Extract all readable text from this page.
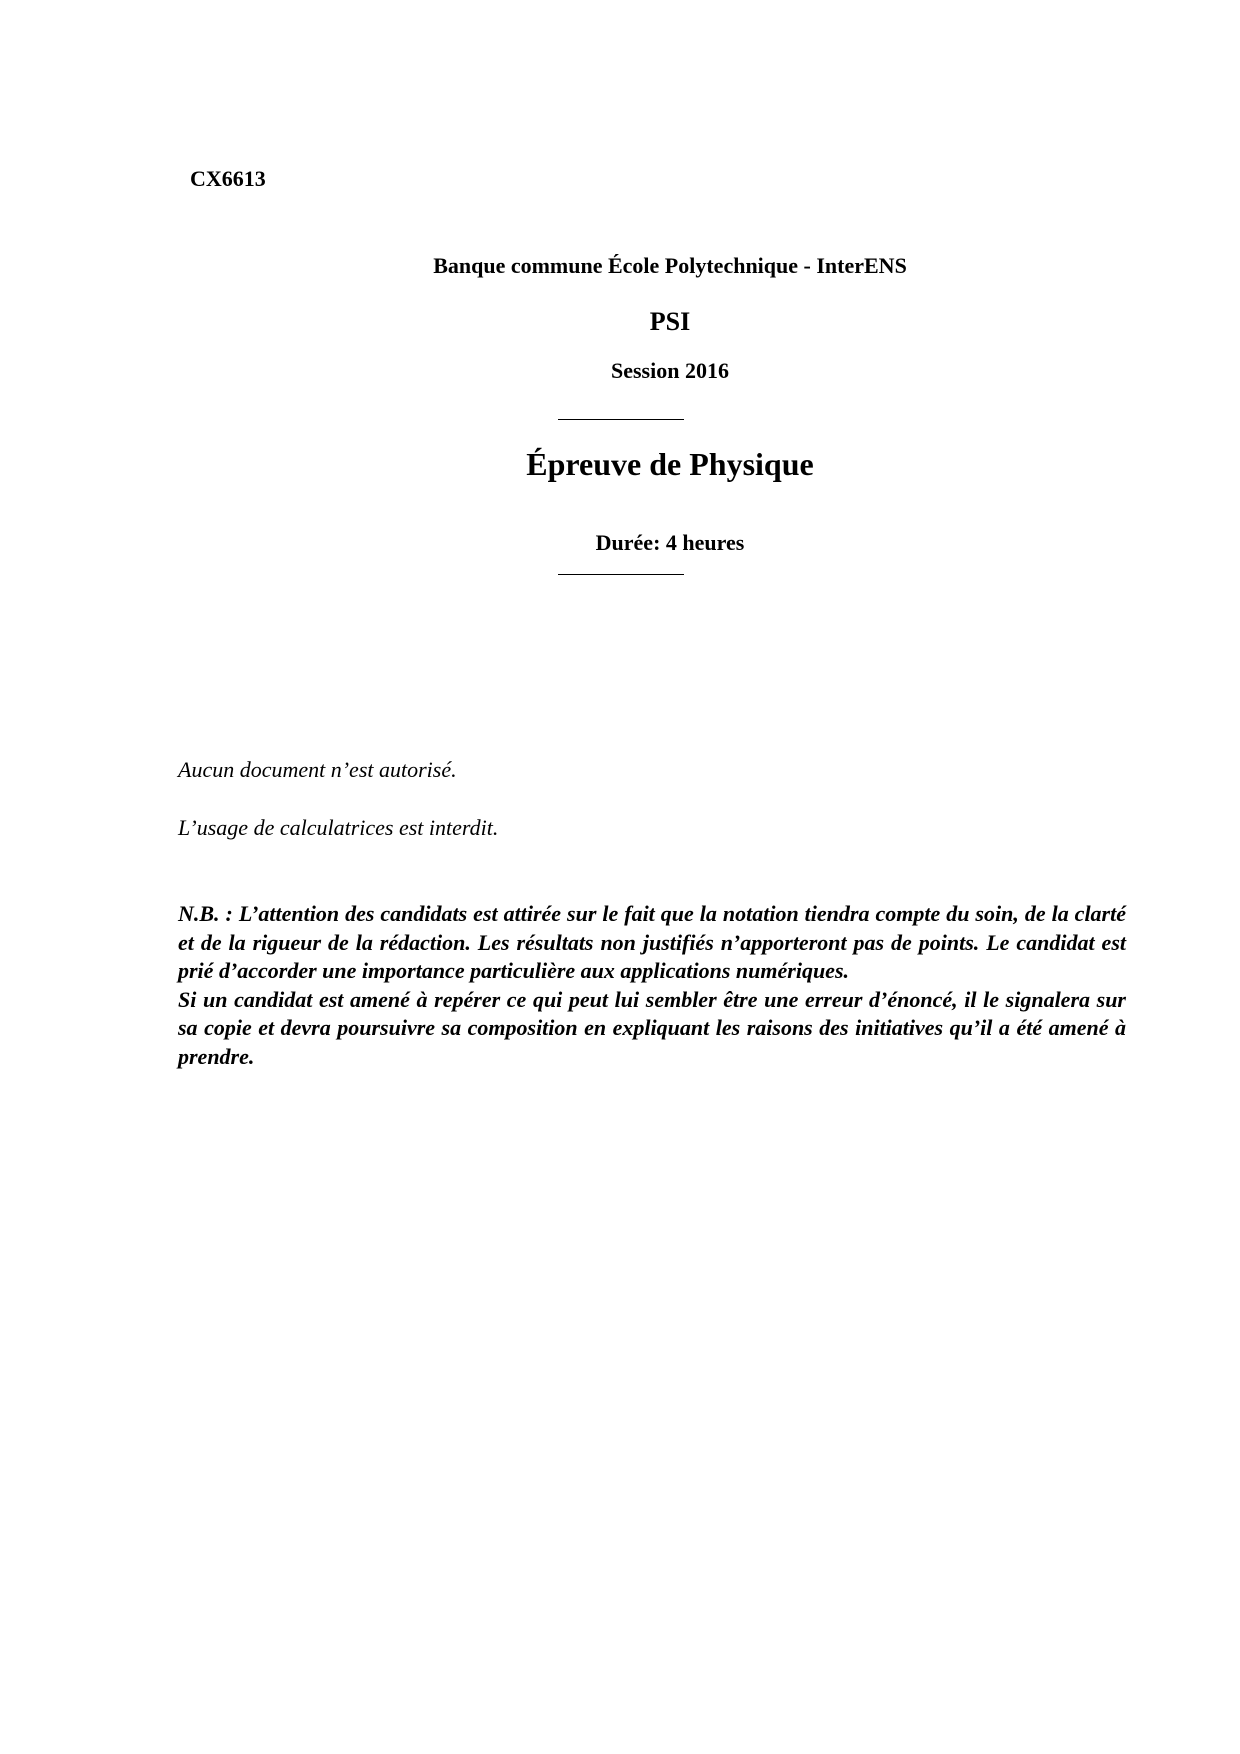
CX6613
Banque commune École Polytechnique - InterENS
PSI
Session 2016
Épreuve de Physique
Durée: 4 heures
Aucun document n’est autorisé.
L’usage de calculatrices est interdit.

N.B. : L’attention des candidats est attirée sur le fait que la notation tiendra compte du soin, de la clarté et de la rigueur de la rédaction. Les résultats non justifiés n’apporteront pas de points. Le candidat est prié d’accorder une importance particulière aux applications numériques.

Si un candidat est amené à repérer ce qui peut lui sembler être une erreur d’énoncé, il le signalera sur sa copie et devra poursuivre sa composition en expliquant les raisons des initiatives qu’il a été amené à prendre.
